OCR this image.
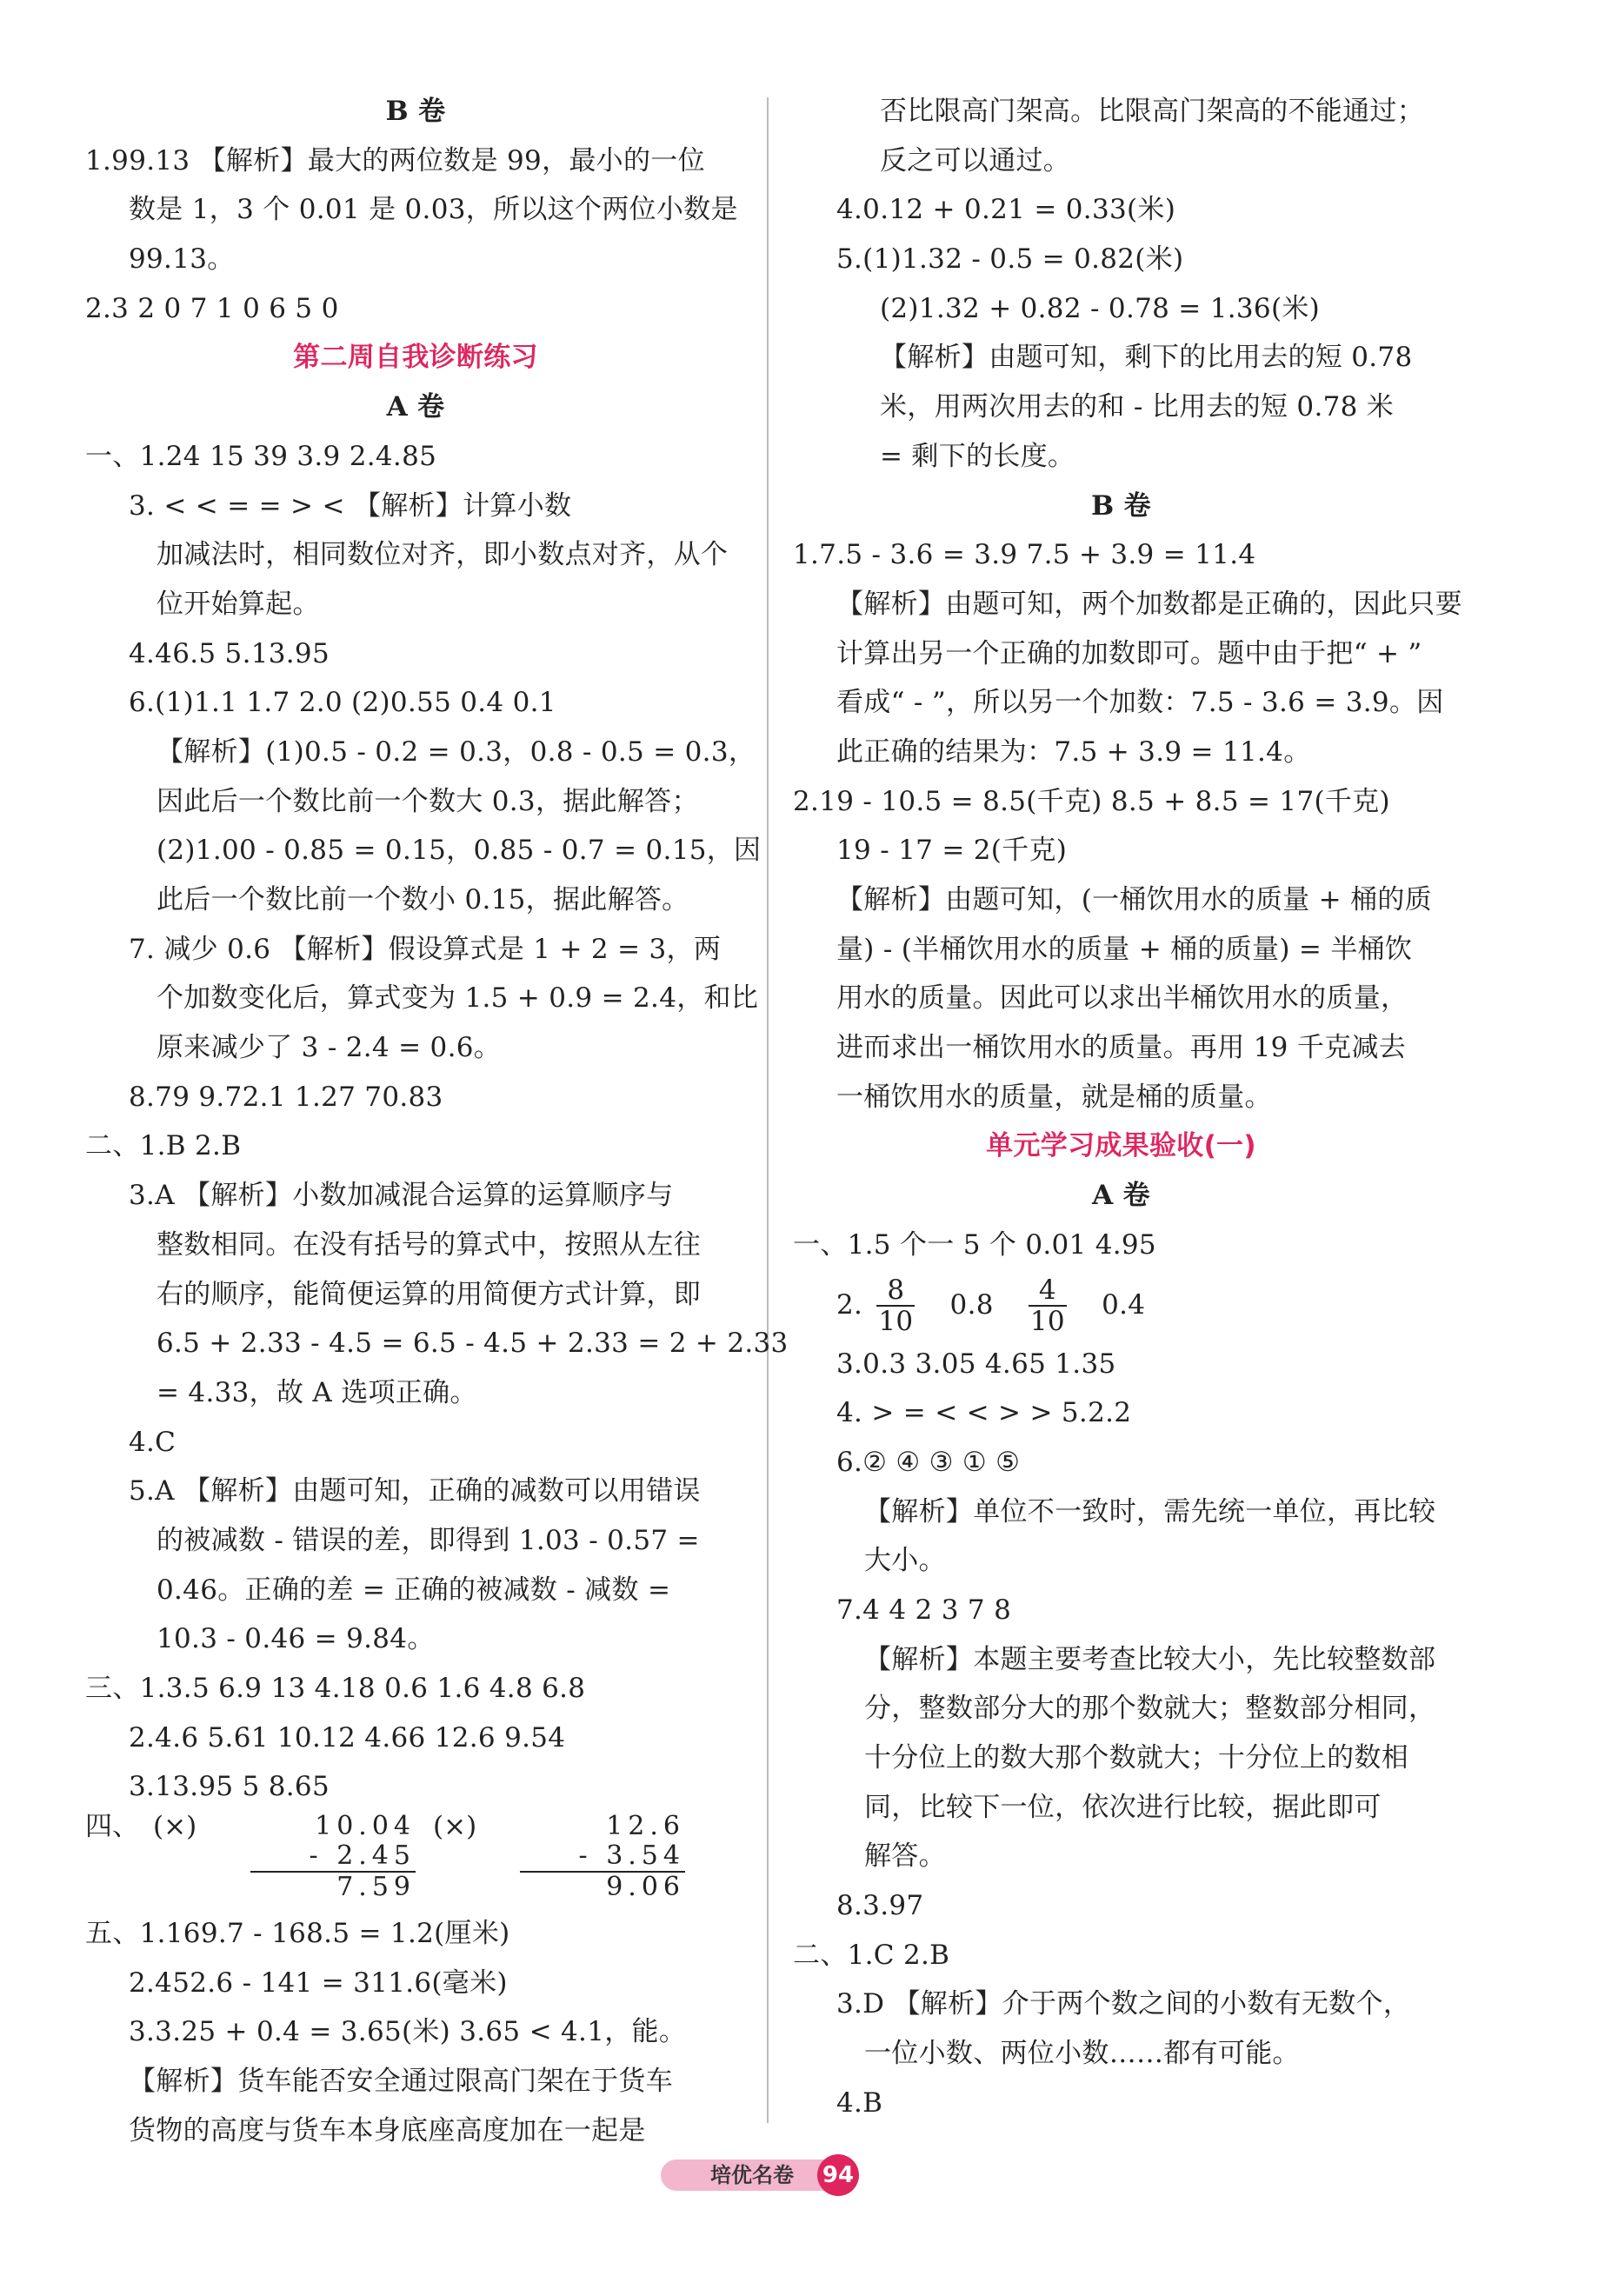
B 卷
1.99.13 【解析】最大的两位数是 99，最小的一位
数是 1，3 个 0.01 是 0.03，所以这个两位小数是
99.13。
2.3 2 0 7 1 0 6 5 0
第二周自我诊断练习
A 卷
一、1.24 15 39 3.9 2.4.85
3. < < = = > < 【解析】计算小数
加减法时，相同数位对齐，即小数点对齐，从个
位开始算起。
4.46.5 5.13.95
6.(1)1.1 1.7 2.0 (2)0.55 0.4 0.1
【解析】(1)0.5 - 0.2 = 0.3，0.8 - 0.5 = 0.3，
因此后一个数比前一个数大 0.3，据此解答；
(2)1.00 - 0.85 = 0.15，0.85 - 0.7 = 0.15，因
此后一个数比前一个数小 0.15，据此解答。
7. 减少 0.6 【解析】假设算式是 1 + 2 = 3，两
个加数变化后，算式变为 1.5 + 0.9 = 2.4，和比
原来减少了 3 - 2.4 = 0.6。
8.79 9.72.1 1.27 70.83
二、1.B 2.B
3.A 【解析】小数加减混合运算的运算顺序与
整数相同。在没有括号的算式中，按照从左往
右的顺序，能简便运算的用简便方式计算，即
6.5 + 2.33 - 4.5 = 6.5 - 4.5 + 2.33 = 2 + 2.33
= 4.33，故 A 选项正确。
4.C
5.A 【解析】由题可知，正确的减数可以用错误
的被减数 - 错误的差，即得到 1.03 - 0.57 =
0.46。正确的差 = 正确的被减数 - 减数 =
10.3 - 0.46 = 9.84。
三、1.3.5 6.9 13 4.18 0.6 1.6 4.8 6.8
2.4.6 5.61 10.12 4.66 12.6 9.54
3.13.95 5 8.65
四、 (×)	10.04
- 2.45
7.59
(×)	12.6
- 3.54
9.06
五、1.169.7 - 168.5 = 1.2(厘米)
2.452.6 - 141 = 311.6(毫米)
3.3.25 + 0.4 = 3.65(米) 3.65 < 4.1，能。
【解析】货车能否安全通过限高门架在于货车
货物的高度与货车本身底座高度加在一起是
否比限高门架高。比限高门架高的不能通过；
反之可以通过。
4.0.12 + 0.21 = 0.33(米)
5.(1)1.32 - 0.5 = 0.82(米)
(2)1.32 + 0.82 - 0.78 = 1.36(米)
【解析】由题可知，剩下的比用去的短 0.78
米，用两次用去的和 - 比用去的短 0.78 米
= 剩下的长度。
B 卷
1.7.5 - 3.6 = 3.9 7.5 + 3.9 = 11.4
【解析】由题可知，两个加数都是正确的，因此只要
计算出另一个正确的加数即可。题中由于把“ + ”
看成“ - ”，所以另一个加数：7.5 - 3.6 = 3.9。因
此正确的结果为：7.5 + 3.9 = 11.4。
2.19 - 10.5 = 8.5(千克) 8.5 + 8.5 = 17(千克)
19 - 17 = 2(千克)
【解析】由题可知，(一桶饮用水的质量 + 桶的质
量) - (半桶饮用水的质量 + 桶的质量) = 半桶饮
用水的质量。因此可以求出半桶饮用水的质量，
进而求出一桶饮用水的质量。再用 19 千克减去
一桶饮用水的质量，就是桶的质量。
单元学习成果验收(一)
A 卷
一、1.5 个一 5 个 0.01 4.95
2. $\frac{8}{10} 0.8 \frac{4}{10} 0.4$
3.0.3 3.05 4.65 1.35
4. > = < < > > 5.2.2
6.② ④ ③ ① ⑤
【解析】单位不一致时，需先统一单位，再比较
大小。
7.4 4 2 3 7 8
【解析】本题主要考查比较大小，先比较整数部
分，整数部分大的那个数就大；整数部分相同，
十分位上的数大那个数就大；十分位上的数相
同，比较下一位，依次进行比较，据此即可
解答。
8.3.97
二、1.C 2.B
3.D 【解析】介于两个数之间的小数有无数个，
一位小数、两位小数……都有可能。
4.B
培优名卷	94
